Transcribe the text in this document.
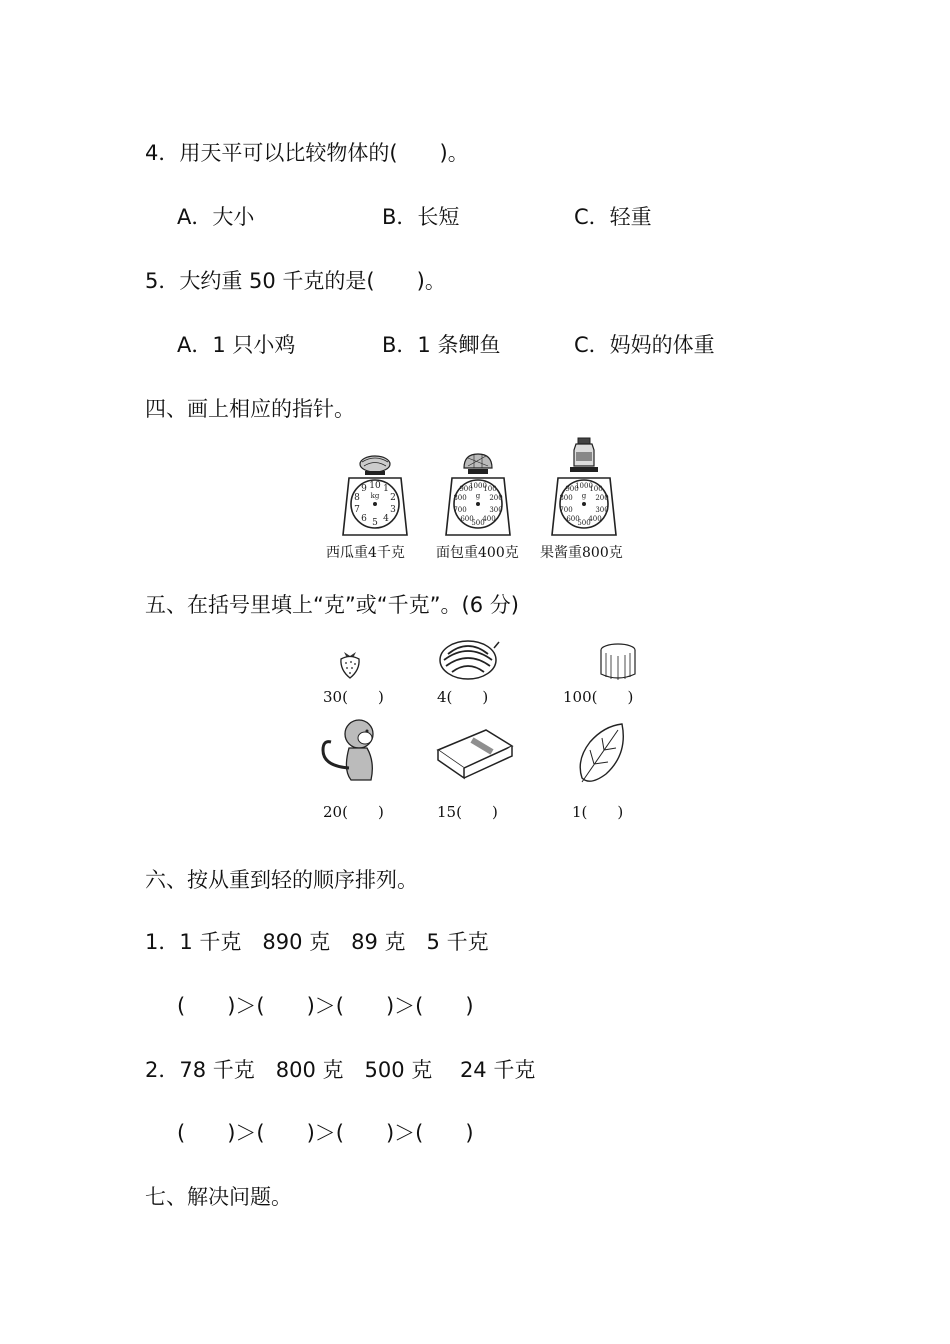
4．用天平可以比较物体的(　　)。
A．大小	B．长短	C．轻重
5．大约重 50 千克的是(　　)。
A．1 只小鸡	B．1 条鲫鱼	C．妈妈的体重
四、画上相应的指针。
10 1
2
3
4
5
6
7
8
9
kg
西瓜重4千克
1000
100
200
300
400
500
600
700
800
900
g
面包重400克
1000
100
200
300
400
500
600
700
800
900
g
果酱重800克
五、在括号里填上“克”或“千克”。(6 分)
30(　　)	4(　　)	100(　　)
20(　　)	15(　　)	1(　　)
六、按从重到轻的顺序排列。
1．1 千克　890 克　89 克　5 千克
(　　)＞(　　)＞(　　)＞(　　)
2．78 千克　800 克　500 克　 24 千克
(　　)＞(　　)＞(　　)＞(　　)
七、解决问题。
